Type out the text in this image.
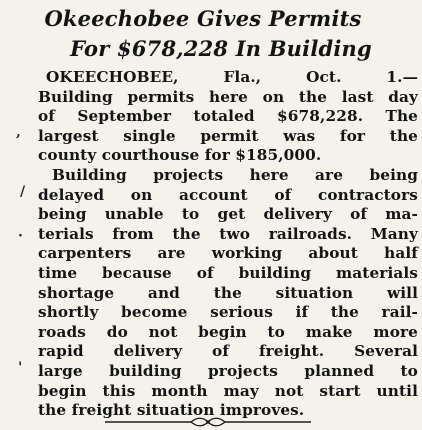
Okeechobee Gives Permits
For $678,228 In Building
,
/
·
'
OKEECHOBEE, Fla., Oct. 1.—
Building permits here on the last day
of September totaled $678,228. The
largest single permit was for the
county courthouse for $185,000.
Building projects here are being
delayed on account of contractors
being unable to get delivery of ma-
terials from the two railroads. Many
carpenters are working about half
time because of building materials
shortage and the situation will
shortly become serious if the rail-
roads do not begin to make more
rapid delivery of freight. Several
large building projects planned to
begin this month may not start until
the freight situation improves.
